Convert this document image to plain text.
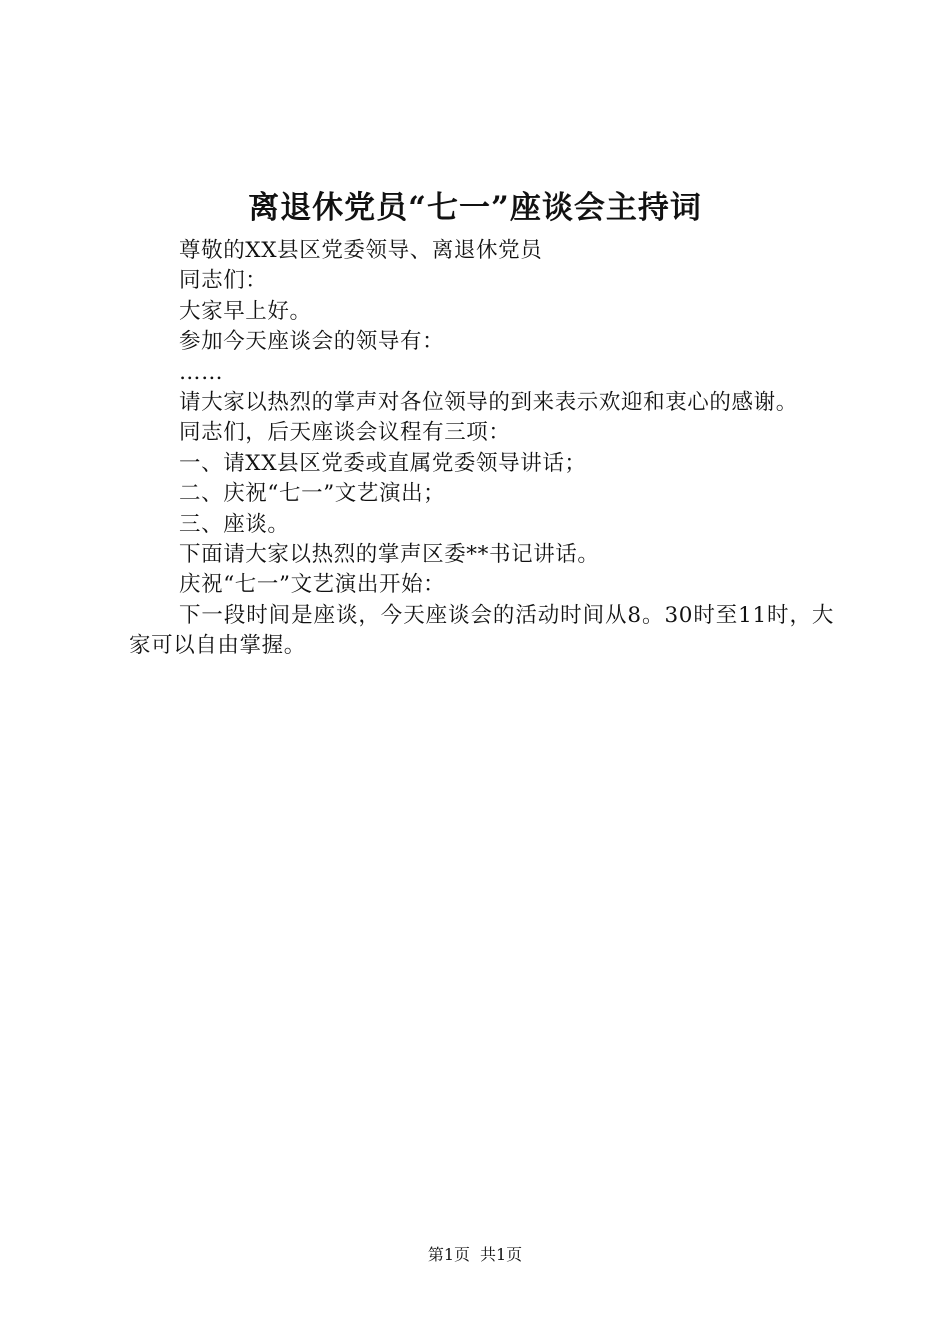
离退休党员“七一”座谈会主持词

尊敬的XX县区党委领导、离退休党员

同志们：

大家早上好。

参加今天座谈会的领导有：

……

请大家以热烈的掌声对各位领导的到来表示欢迎和衷心的感谢。

同志们，后天座谈会议程有三项：

一、请XX县区党委或直属党委领导讲话；

二、庆祝“七一”文艺演出；

三、座谈。

下面请大家以热烈的掌声区委**书记讲话。

庆祝“七一”文艺演出开始：

下一段时间是座谈，今天座谈会的活动时间从8。30时至11时，大家可以自由掌握。

第1页 共1页
